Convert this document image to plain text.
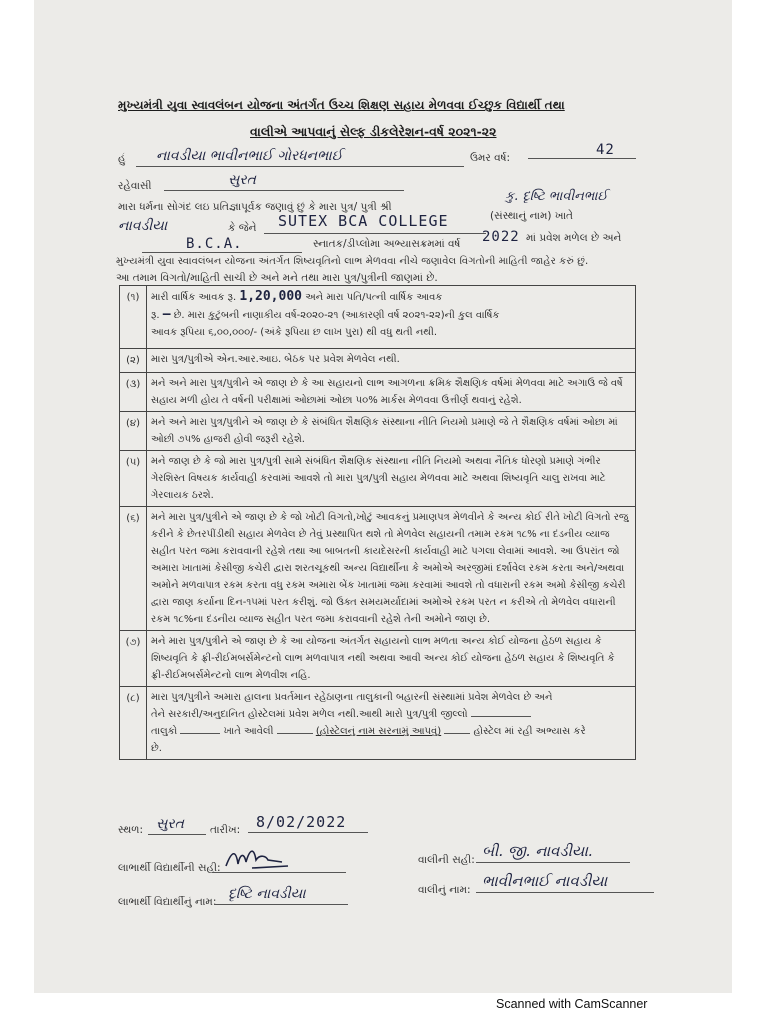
મુખ્યમંત્રી યુવા સ્વાવલંબન યોજના અંતર્ગત ઉચ્ચ શિક્ષણ સહાય મેળવવા ઈચ્છુક વિદ્યાર્થી તથા
વાલીએ આપવાનું સેલ્ફ ડીકલેરેશન-વર્ષ ૨૦૨૧-૨૨
હું નાવડીયા ભાવીનભાઈ ગોરધનભાઈ	ઉમર વર્ષ:	42
રહેવાસી	સુરત
મારા ધર્મના સોગંદ લઇ પ્રતિજ્ઞાપૂર્વક જણાવું છું કે મારા પુત્ર/ પુત્રી શ્રી
કુ. દૃષ્ટિ ભાવીનભાઈ
નાવડીયા	કે જેને SUTEX BCA COLLEGE	(સંસ્થાનું નામ) ખાતે
B.C.A.	સ્નાતક/ડીપ્લોમા અભ્યાસક્રમમાં વર્ષ 2022 માં પ્રવેશ મળેલ છે અને
મુખ્યમંત્રી યુવા સ્વાવલંબન યોજના અંતર્ગત શિષ્યવૃતિનો લાભ મેળવવા નીચે જણાવેલ વિગતોની માહિતી જાહેર કરું છું.
આ તમામ વિગતો/માહિતી સાચી છે અને મને તથા મારા પુત્ર/પુત્રીની જાણમાં છે.
(૧)	મારી વાર્ષિક આવક રૂ. 1,20,000 અને મારા પતિ/પત્ની વાર્ષિક આવક
રૂ. — છે. મારા કુટુંબની નાણાકીય વર્ષ-૨૦૨૦-૨૧ (આકારણી વર્ષ ૨૦૨૧-૨૨)ની કુલ વાર્ષિક
આવક રૂપિયા ૬,૦૦,૦૦૦/- (અંકે રૂપિયા છ લાખ પુરા) થી વધુ થતી નથી.
(૨)	મારા પુત્ર/પુત્રીએ એન.આર.આઇ. બેઠક પર પ્રવેશ મેળવેલ નથી.
(૩)	મને અને મારા પુત્ર/પુત્રીને એ જાણ છે કે આ સહાયનો લાભ આગળના ક્રમિક શૈક્ષણિક વર્ષમાં મેળવવા માટે અગાઉ જે વર્ષે સહાય મળી હોય તે વર્ષની પરીક્ષામાં ઓછામાં ઓછા ૫૦% માર્કસ મેળવવા ઉત્તીર્ણ થવાનું રહેશે.
(૪)	મને અને મારા પુત્ર/પુત્રીને એ જાણ છે કે સંબંધિત શૈક્ષણિક સંસ્થાના નીતિ નિયમો પ્રમાણે જે તે શૈક્ષણિક વર્ષમાં ઓછા માં ઓછી ૭૫% હાજરી હોવી જરૂરી રહેશે.
(૫)	મને જાણ છે કે જો મારા પુત્ર/પુત્રી સામે સંબંધિત શૈક્ષણિક સંસ્થાના નીતિ નિયમો અથવા નૈતિક ધોરણો પ્રમાણે ગંભીર ગેરશિસ્ત વિષયક કાર્યવાહી કરવામાં આવશે તો મારા પુત્ર/પુત્રી સહાય મેળવવા માટે અથવા શિષ્યવૃતિ ચાલુ રાખવા માટે ગેરલાયક ઠરશે.
(૬)	મને મારા પુત્ર/પુત્રીને એ જાણ છે કે જો ખોટી વિગતો,ખોટું આવકનું પ્રમાણપત્ર મેળવીને કે અન્ય કોઈ રીતે ખોટી વિગતો રજુ કરીને કે છેતરપીંડીથી સહાય મેળવેલ છે તેવું પ્રસ્થાપિત થશે તો મેળવેલ સહાયની તમામ રકમ ૧૮% ના દંડનીય વ્યાજ સહીત પરત જમા કરાવવાની રહેશે તથા આ બાબતની કાયદેસરની કાર્યવાહી માટે પગલા લેવામાં આવશે. આ ઉપરાંત જો અમારા ખાતામાં કેસીજી કચેરી દ્વારા શરતચૂકથી અન્ય વિદ્યાર્થીના કે અમોએ અરજીમાં દર્શાવેલ રકમ કરતા અને/અથવા અમોને મળવાપાત્ર રકમ કરતા વધુ રકમ અમારા બેંક ખાતામાં જમા કરવામાં આવશે તો વધારાની રકમ અમો કેસીજી કચેરી દ્વારા જાણ કર્યાના દિન-૧૫માં પરત કરીશું. જો ઉક્ત સમયમર્યાદામાં અમોએ રકમ પરત ન કરીએ તો મેળવેલ વધારાની રકમ ૧૮%ના દંડનીય વ્યાજ સહીત પરત જમા કરાવવાની રહેશે તેની અમોને જાણ છે.
(૭)	મને મારા પુત્ર/પુત્રીને એ જાણ છે કે આ યોજના અંતર્ગત સહાયનો લાભ મળતા અન્ય કોઈ યોજના હેઠળ સહાય કે શિષ્યવૃતિ કે ફ્રી-રીઈમબર્સમેન્ટનો લાભ મળવાપાત્ર નથી અથવા આવી અન્ય કોઈ યોજના હેઠળ સહાય કે શિષ્યવૃતિ કે ફ્રી-રીઈમબર્સમેન્ટનો લાભ મેળવીશ નહિ.
(૮)	મારા પુત્ર/પુત્રીને અમારા હાલના પ્રવર્તમાન રહેઠાણના તાલુકાની બહારની સંસ્થામાં પ્રવેશ મેળવેલ છે અને
તેને સરકારી/અનુદાનિત હોસ્ટેલમાં પ્રવેશ મળેલ નથી.આથી મારો પુત્ર/પુત્રી જીલ્લો
તાલુકો ખાતે આવેલી (હોસ્ટેલનું નામ સરનામું આપવું) હોસ્ટેલ માં રહી અભ્યાસ કરે
છે.
સ્થળ: સુરત તારીખ: 8/02/2022
લાભાર્થી વિદ્યાર્થીની સહી:
લાભાર્થી વિદ્યાર્થીનું નામ: દૃષ્ટિ નાવડીયા
વાલીની સહી: બી. જી. નાવડીયા.
વાલીનું નામ: ભાવીનભાઈ નાવડીયા
Scanned with CamScanner
